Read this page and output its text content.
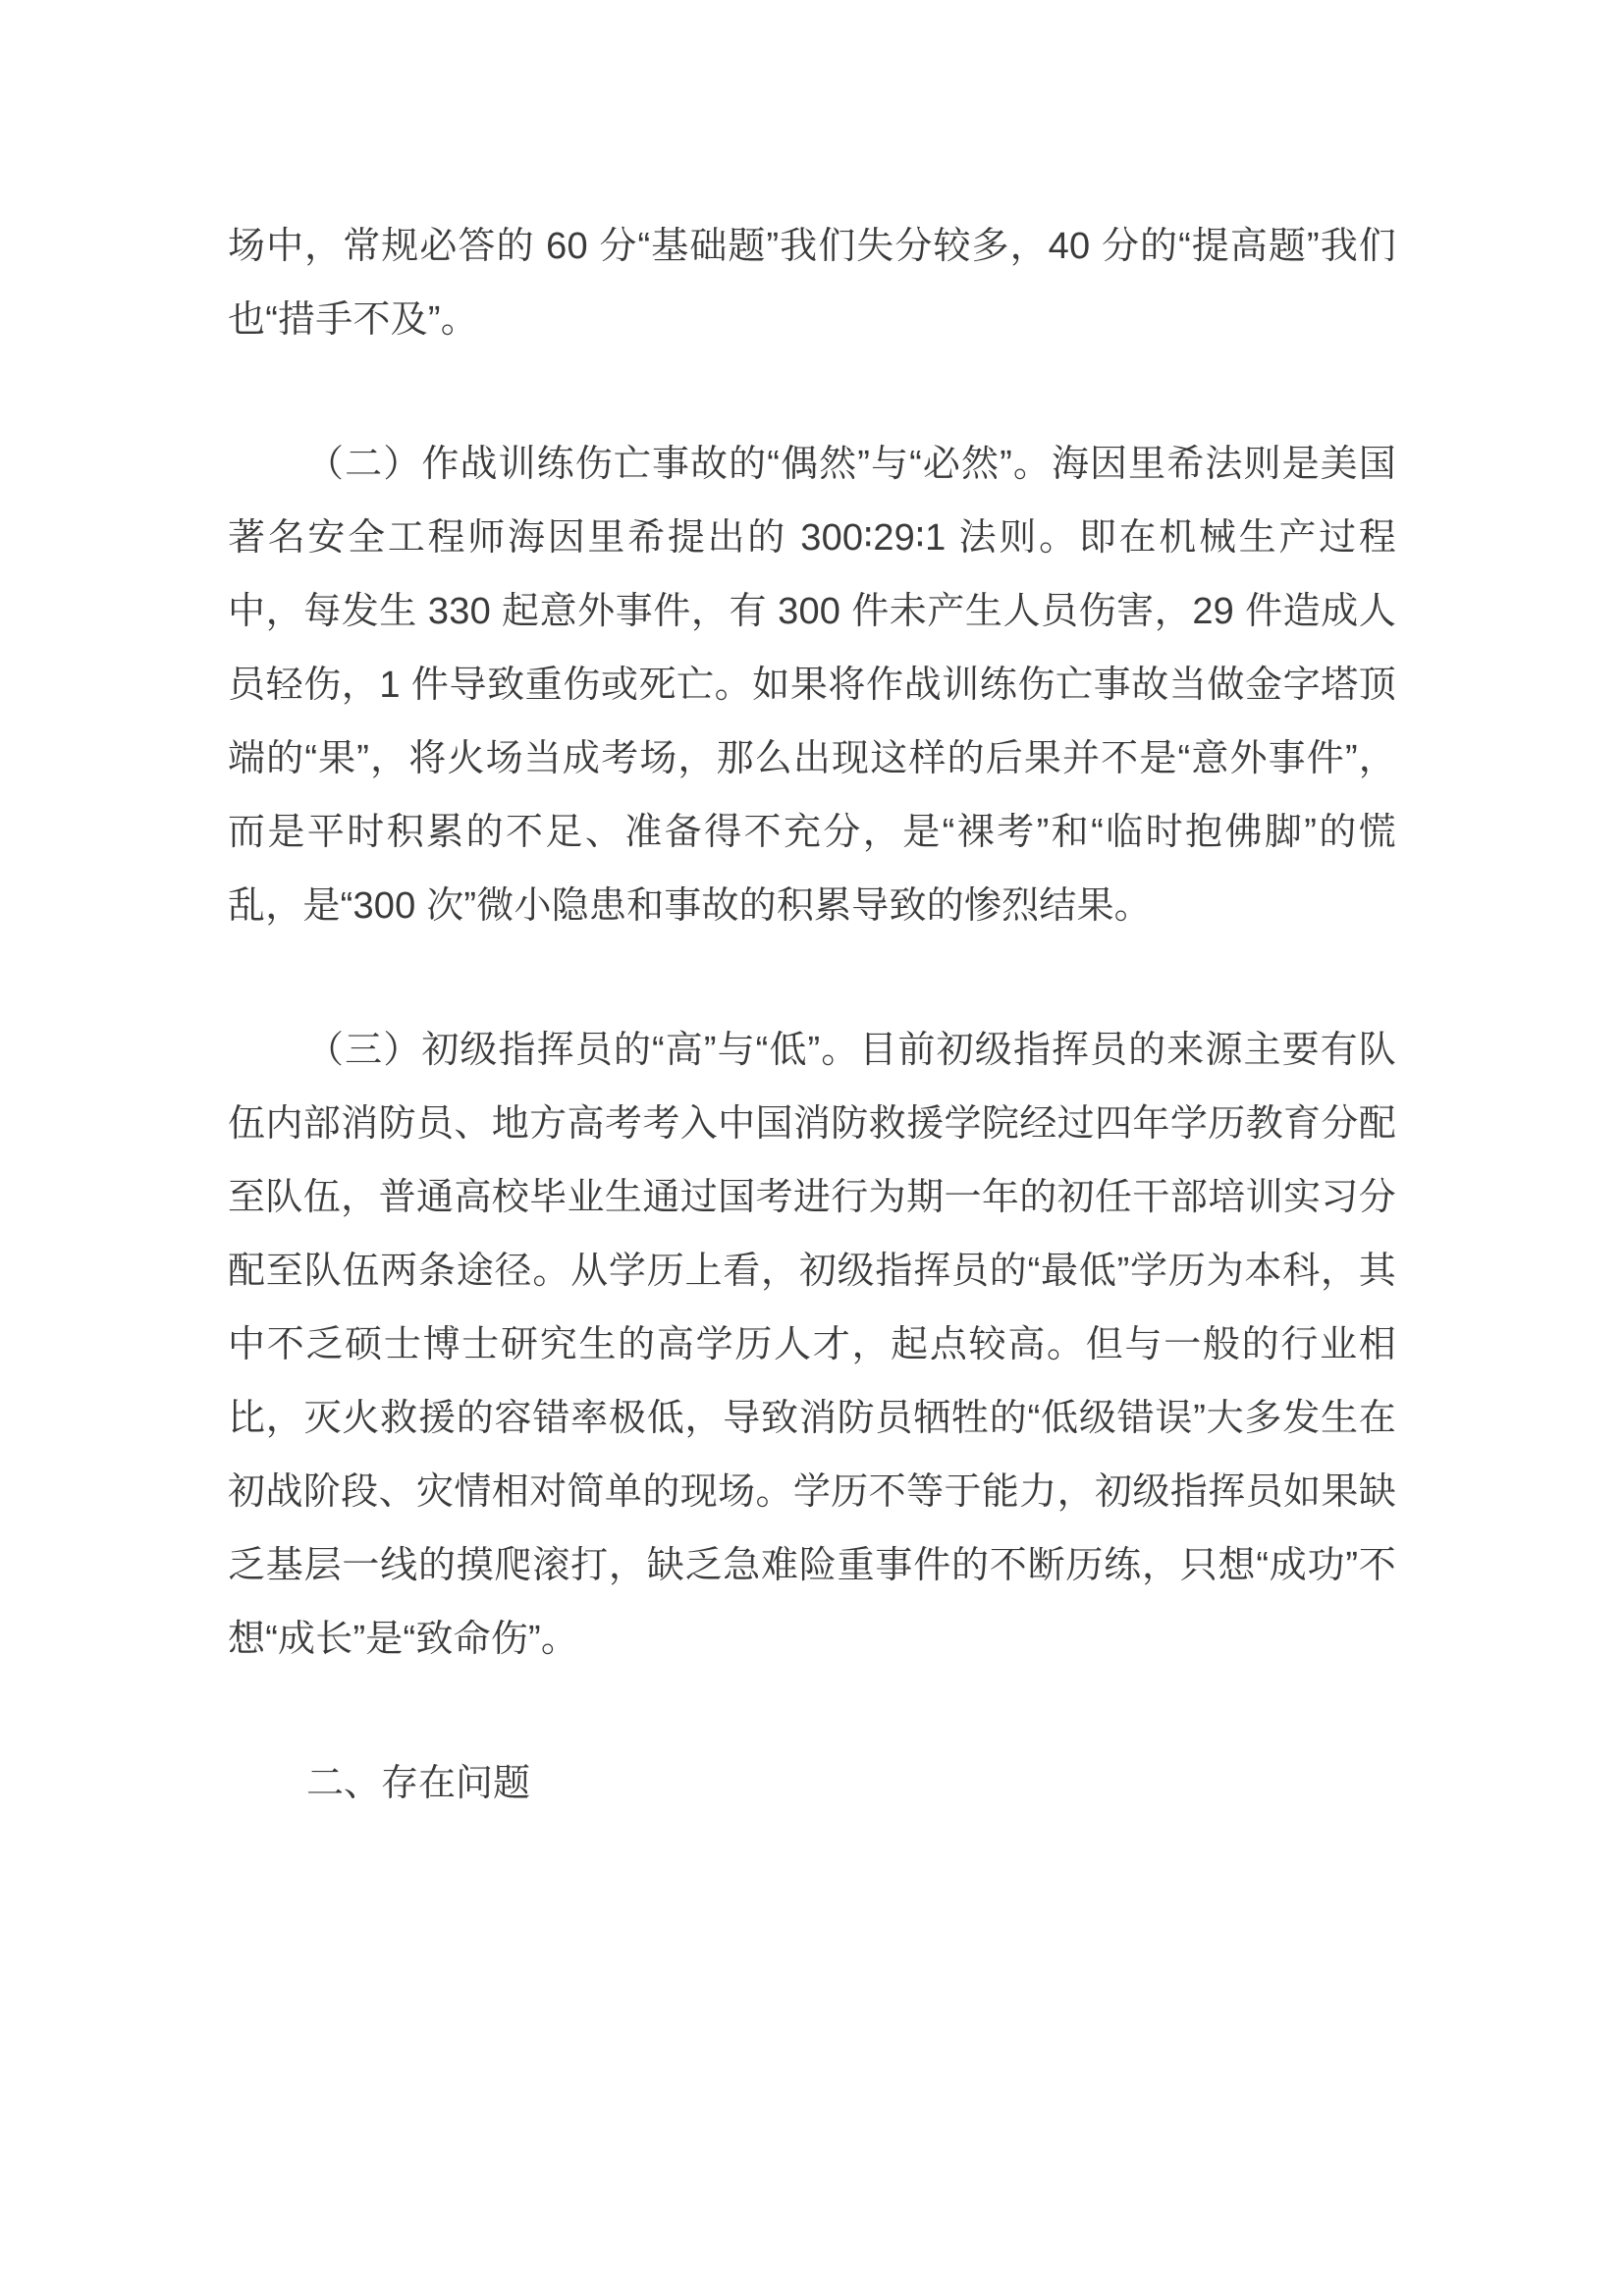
场中，常规必答的 60 分“基础题”我们失分较多，40 分的“提高题”我们也“措手不及”。

（二）作战训练伤亡事故的“偶然”与“必然”。海因里希法则是美国著名安全工程师海因里希提出的 300∶29∶1 法则。即在机械生产过程中，每发生 330 起意外事件，有 300 件未产生人员伤害，29 件造成人员轻伤，1 件导致重伤或死亡。如果将作战训练伤亡事故当做金字塔顶端的“果”，将火场当成考场，那么出现这样的后果并不是“意外事件”，而是平时积累的不足、准备得不充分，是“裸考”和“临时抱佛脚”的慌乱，是“300 次”微小隐患和事故的积累导致的惨烈结果。

（三）初级指挥员的“高”与“低”。目前初级指挥员的来源主要有队伍内部消防员、地方高考考入中国消防救援学院经过四年学历教育分配至队伍，普通高校毕业生通过国考进行为期一年的初任干部培训实习分配至队伍两条途径。从学历上看，初级指挥员的“最低”学历为本科，其中不乏硕士博士研究生的高学历人才，起点较高。但与一般的行业相比，灭火救援的容错率极低，导致消防员牺牲的“低级错误”大多发生在初战阶段、灾情相对简单的现场。学历不等于能力，初级指挥员如果缺乏基层一线的摸爬滚打，缺乏急难险重事件的不断历练，只想“成功”不想“成长”是“致命伤”。

二、存在问题
